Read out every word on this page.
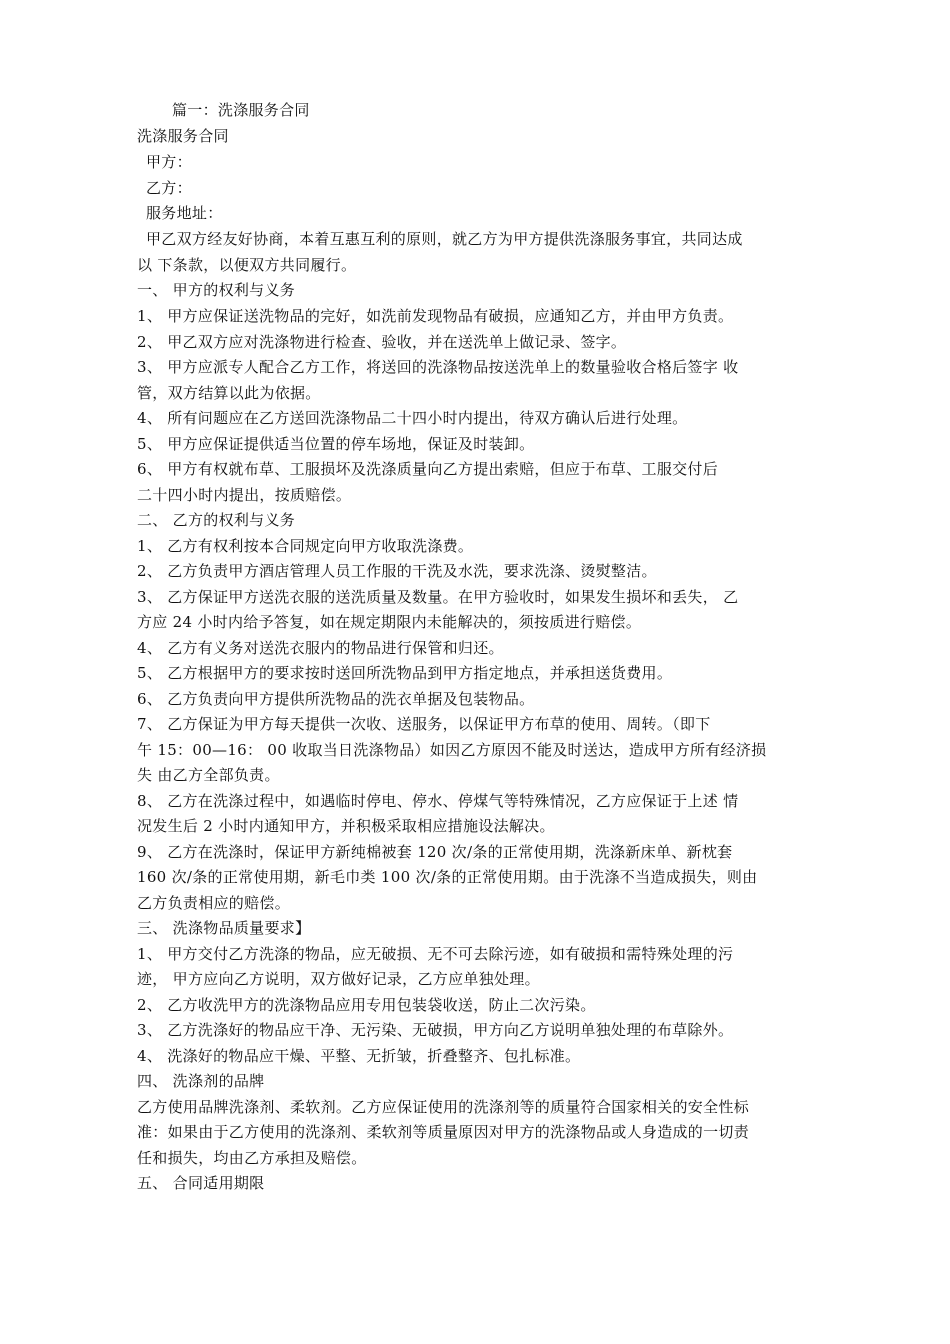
篇一：洗涤服务合同
洗涤服务合同
甲方：
乙方：
服务地址：
甲乙双方经友好协商，本着互惠互利的原则，就乙方为甲方提供洗涤服务事宜，共同达成
以 下条款，以便双方共同履行。
一、 甲方的权利与义务
1、 甲方应保证送洗物品的完好，如洗前发现物品有破损，应通知乙方，并由甲方负责。
2、 甲乙双方应对洗涤物进行检查、验收，并在送洗单上做记录、签字。
3、 甲方应派专人配合乙方工作，将送回的洗涤物品按送洗单上的数量验收合格后签字 收
管，双方结算以此为依据。
4、 所有问题应在乙方送回洗涤物品二十四小时内提出，待双方确认后进行处理。
5、 甲方应保证提供适当位置的停车场地，保证及时装卸。
6、 甲方有权就布草、工服损坏及洗涤质量向乙方提出索赔，但应于布草、工服交付后
二十四小时内提出，按质赔偿。
二、 乙方的权利与义务
1、 乙方有权利按本合同规定向甲方收取洗涤费。
2、 乙方负责甲方酒店管理人员工作服的干洗及水洗，要求洗涤、烫熨整洁。
3、 乙方保证甲方送洗衣服的送洗质量及数量。在甲方验收时，如果发生损坏和丢失， 乙
方应 24 小时内给予答复，如在规定期限内未能解决的，须按质进行赔偿。
4、 乙方有义务对送洗衣服内的物品进行保管和归还。
5、 乙方根据甲方的要求按时送回所洗物品到甲方指定地点，并承担送货费用。
6、 乙方负责向甲方提供所洗物品的洗衣单据及包装物品。
7、 乙方保证为甲方每天提供一次收、送服务，以保证甲方布草的使用、周转。（即下
午 15：00—16： 00 收取当日洗涤物品）如因乙方原因不能及时送达，造成甲方所有经济损
失 由乙方全部负责。
8、 乙方在洗涤过程中，如遇临时停电、停水、停煤气等特殊情况，乙方应保证于上述 情
况发生后 2 小时内通知甲方，并积极采取相应措施设法解决。
9、 乙方在洗涤时，保证甲方新纯棉被套 120 次/条的正常使用期，洗涤新床单、新枕套
160 次/条的正常使用期，新毛巾类 100 次/条的正常使用期。由于洗涤不当造成损失，则由
乙方负责相应的赔偿。
三、 洗涤物品质量要求】
1、 甲方交付乙方洗涤的物品，应无破损、无不可去除污迹，如有破损和需特殊处理的污
迹， 甲方应向乙方说明，双方做好记录，乙方应单独处理。
2、 乙方收洗甲方的洗涤物品应用专用包装袋收送，防止二次污染。
3、 乙方洗涤好的物品应干净、无污染、无破损，甲方向乙方说明单独处理的布草除外。
4、 洗涤好的物品应干燥、平整、无折皱，折叠整齐、包扎标准。
四、 洗涤剂的品牌
乙方使用品牌洗涤剂、柔软剂。乙方应保证使用的洗涤剂等的质量符合国家相关的安全性标
准：如果由于乙方使用的洗涤剂、柔软剂等质量原因对甲方的洗涤物品或人身造成的一切责
任和损失，均由乙方承担及赔偿。
五、 合同适用期限
